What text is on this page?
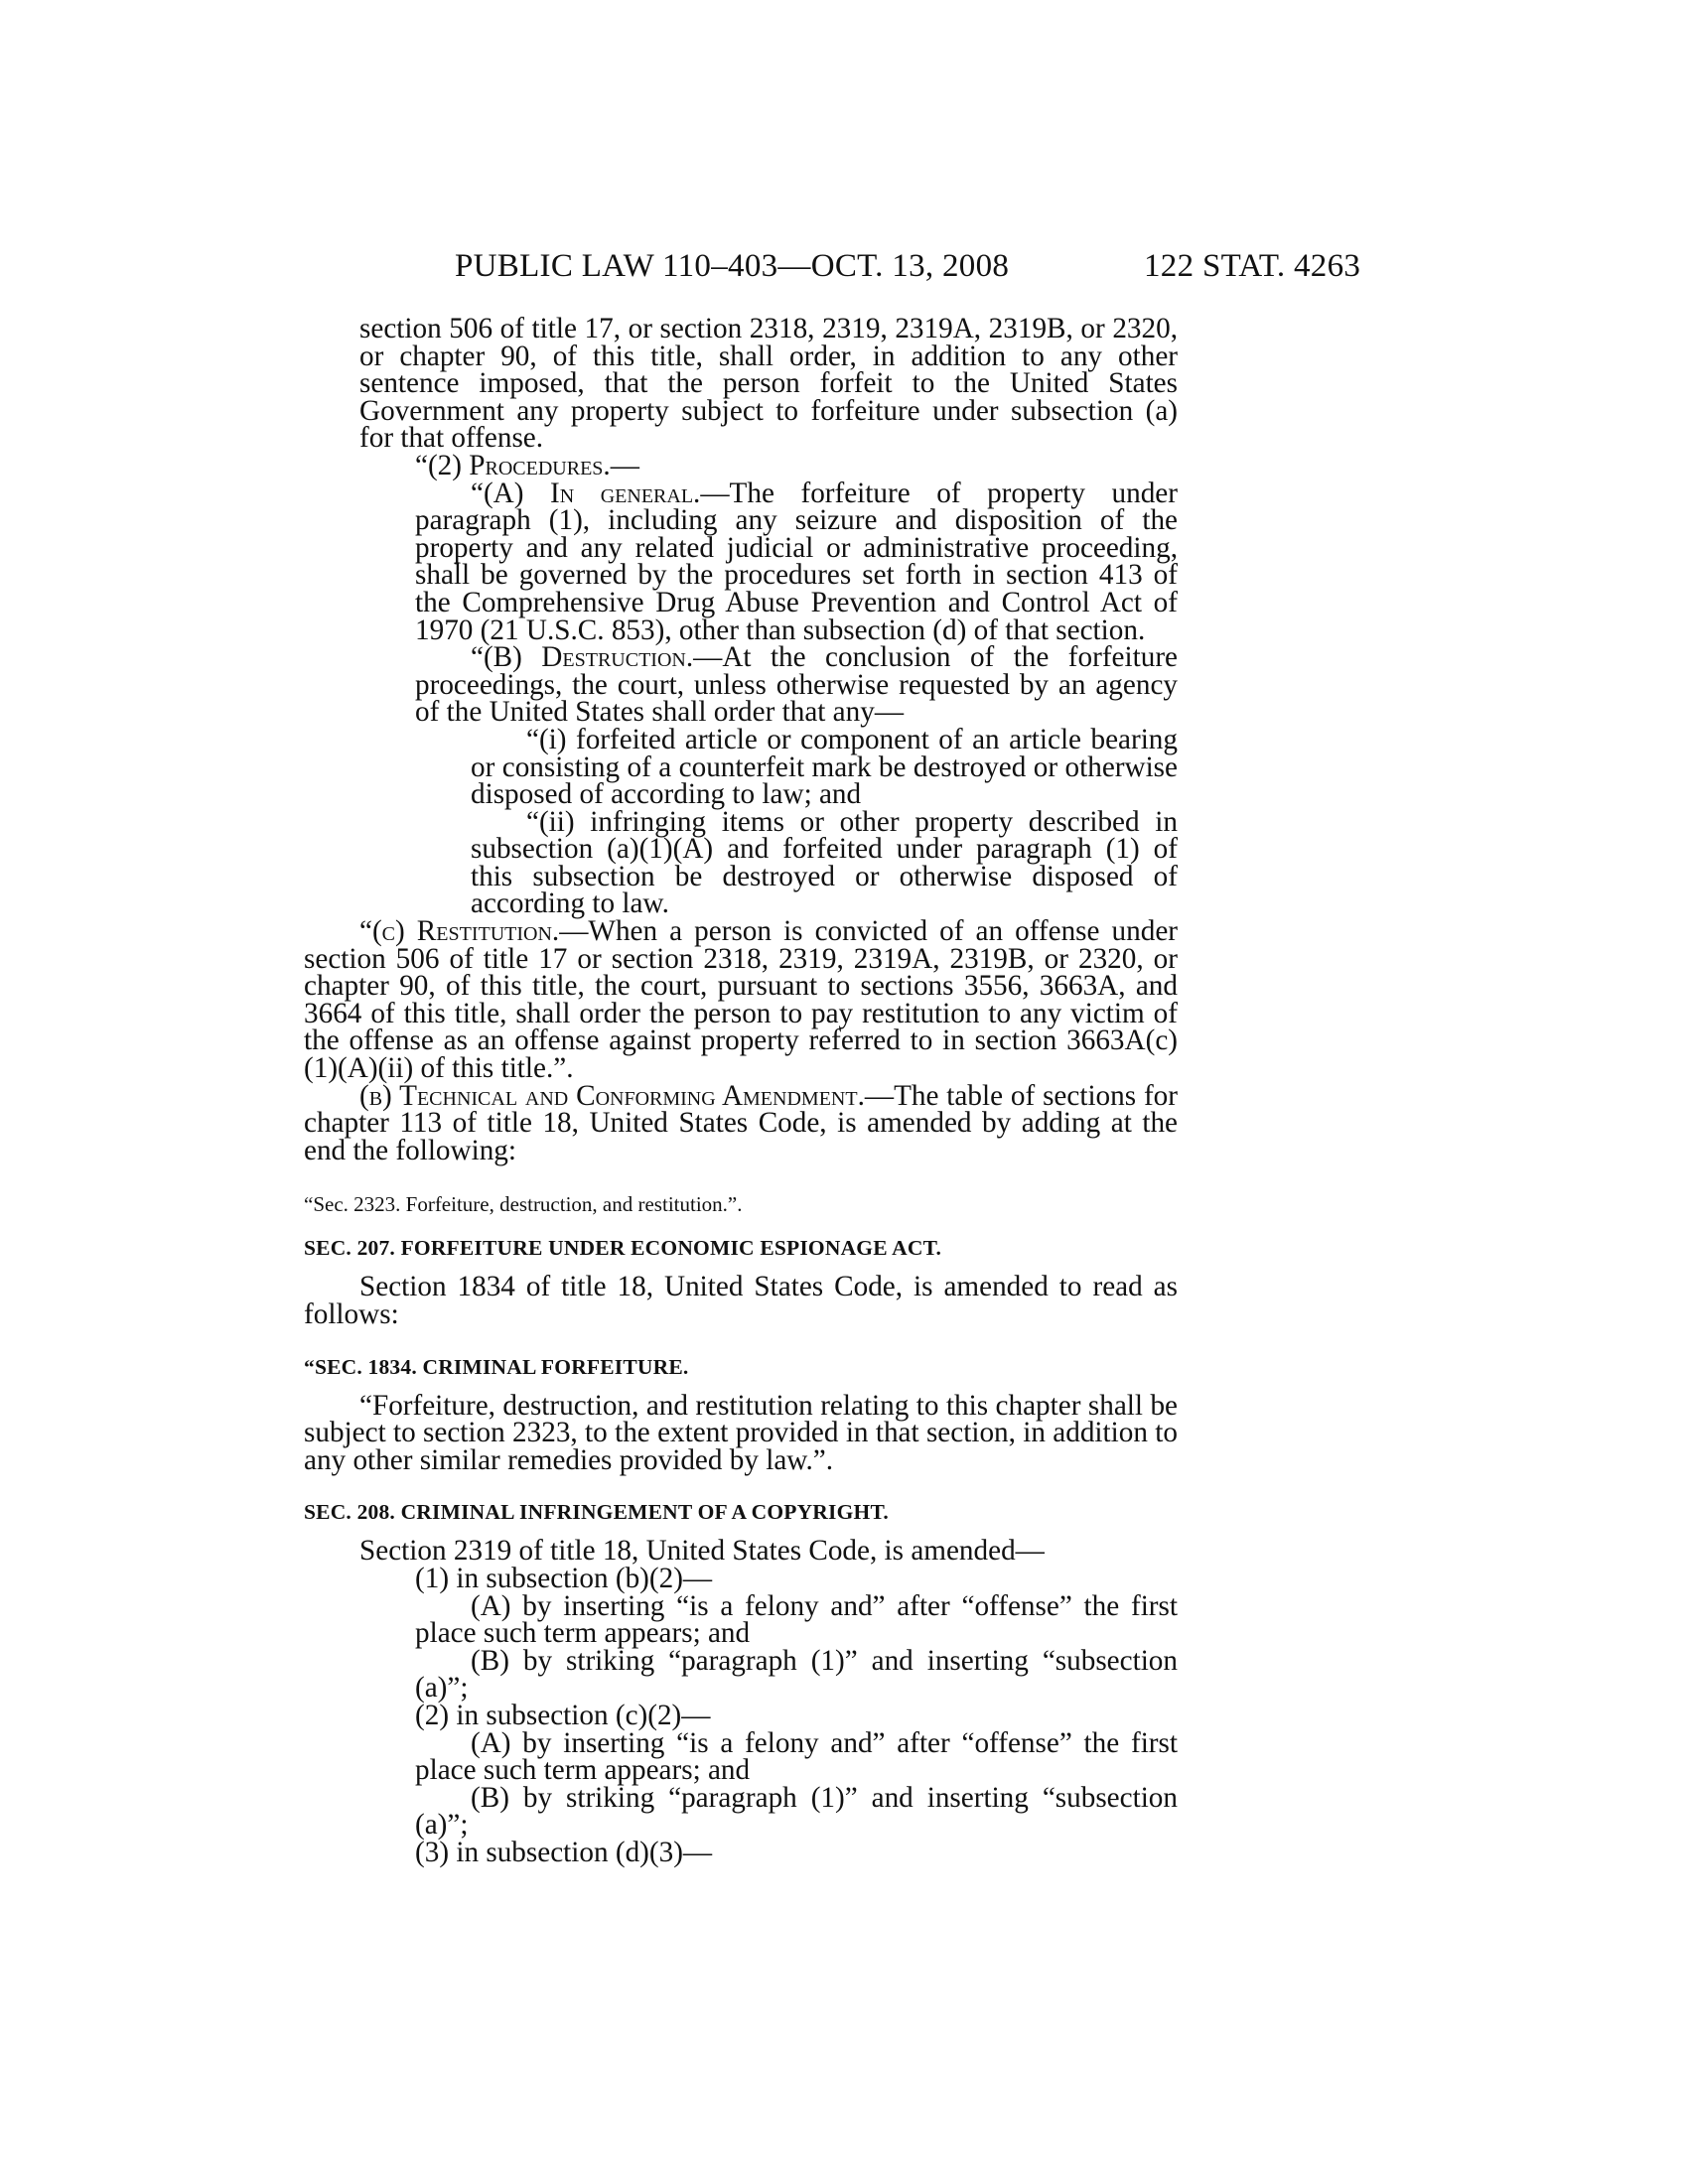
PUBLIC LAW 110–403—OCT. 13, 2008	122 STAT. 4263

section 506 of title 17, or section 2318, 2319, 2319A, 2319B, or 2320, or chapter 90, of this title, shall order, in addition to any other sentence imposed, that the person forfeit to the United States Government any property subject to forfeiture under subsection (a) for that offense.

“(2) Procedures.—

“(A) In general.—The forfeiture of property under paragraph (1), including any seizure and disposition of the property and any related judicial or administrative proceeding, shall be governed by the procedures set forth in section 413 of the Comprehensive Drug Abuse Prevention and Control Act of 1970 (21 U.S.C. 853), other than subsection (d) of that section.

“(B) Destruction.—At the conclusion of the forfeiture proceedings, the court, unless otherwise requested by an agency of the United States shall order that any—

“(i) forfeited article or component of an article bearing or consisting of a counterfeit mark be destroyed or otherwise disposed of according to law; and

“(ii) infringing items or other property described in subsection (a)(1)(A) and forfeited under paragraph (1) of this subsection be destroyed or otherwise disposed of according to law.

“(c) Restitution.—When a person is convicted of an offense under section 506 of title 17 or section 2318, 2319, 2319A, 2319B, or 2320, or chapter 90, of this title, the court, pursuant to sections 3556, 3663A, and 3664 of this title, shall order the person to pay restitution to any victim of the offense as an offense against property referred to in section 3663A(c)(1)(A)(ii) of this title.”.

(b) Technical and Conforming Amendment.—The table of sections for chapter 113 of title 18, United States Code, is amended by adding at the end the following:

“Sec. 2323. Forfeiture, destruction, and restitution.”.

SEC. 207. FORFEITURE UNDER ECONOMIC ESPIONAGE ACT.

Section 1834 of title 18, United States Code, is amended to read as follows:

“SEC. 1834. CRIMINAL FORFEITURE.

“Forfeiture, destruction, and restitution relating to this chapter shall be subject to section 2323, to the extent provided in that section, in addition to any other similar remedies provided by law.”.

SEC. 208. CRIMINAL INFRINGEMENT OF A COPYRIGHT.

Section 2319 of title 18, United States Code, is amended—

(1) in subsection (b)(2)—

(A) by inserting “is a felony and” after “offense” the first place such term appears; and

(B) by striking “paragraph (1)” and inserting “subsection (a)”;

(2) in subsection (c)(2)—

(A) by inserting “is a felony and” after “offense” the first place such term appears; and

(B) by striking “paragraph (1)” and inserting “subsection (a)”;

(3) in subsection (d)(3)—
